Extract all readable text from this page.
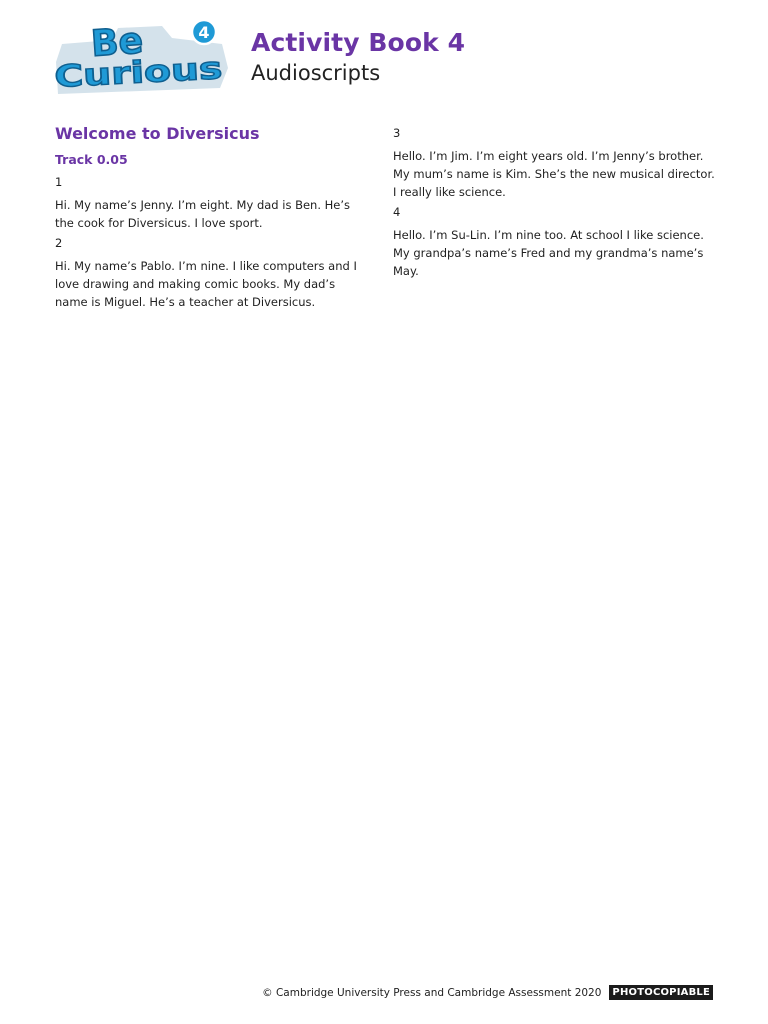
4
Be
Curious
Activity Book 4
Audioscripts
Welcome to Diversicus
Track 0.05
1
Hi. My name’s Jenny. I’m eight. My dad is Ben. He’s the cook for Diversicus. I love sport.
2
Hi. My name’s Pablo. I’m nine. I like computers and I love drawing and making comic books. My dad’s name is Miguel. He’s a teacher at Diversicus.
3
Hello. I’m Jim. I’m eight years old. I’m Jenny’s brother. My mum’s name is Kim. She’s the new musical director. I really like science.
4
Hello. I’m Su-Lin. I’m nine too. At school I like science. My grandpa’s name’s Fred and my grandma’s name’s May.
© Cambridge University Press and Cambridge Assessment 2020	PHOTOCOPIABLE
